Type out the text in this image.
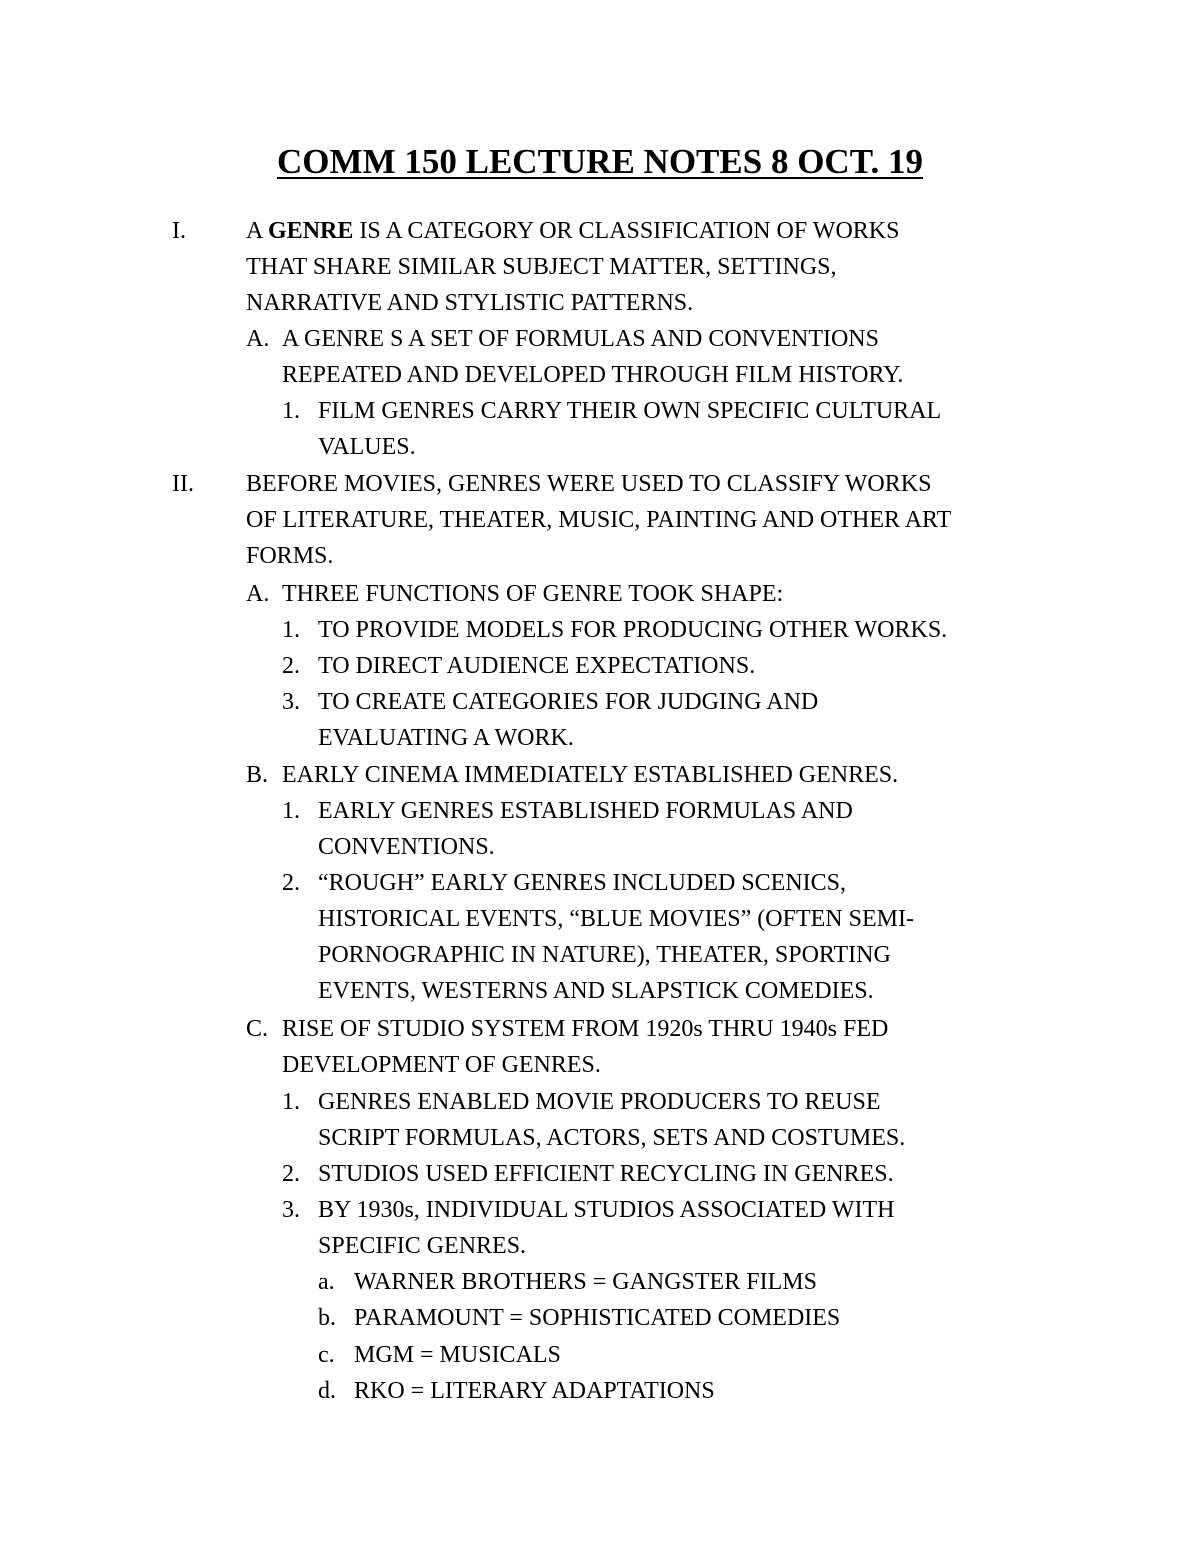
COMM 150 LECTURE NOTES 8 OCT. 19
I.	A GENRE IS A CATEGORY OR CLASSIFICATION OF WORKS
THAT SHARE SIMILAR SUBJECT MATTER, SETTINGS,
NARRATIVE AND STYLISTIC PATTERNS.
A. A GENRE S A SET OF FORMULAS AND CONVENTIONS
REPEATED AND DEVELOPED THROUGH FILM HISTORY.
1. FILM GENRES CARRY THEIR OWN SPECIFIC CULTURAL
VALUES.
II. BEFORE MOVIES, GENRES WERE USED TO CLASSIFY WORKS
OF LITERATURE, THEATER, MUSIC, PAINTING AND OTHER ART
FORMS.
A. THREE FUNCTIONS OF GENRE TOOK SHAPE:
1. TO PROVIDE MODELS FOR PRODUCING OTHER WORKS.
2. TO DIRECT AUDIENCE EXPECTATIONS.
3. TO CREATE CATEGORIES FOR JUDGING AND
EVALUATING A WORK.
B. EARLY CINEMA IMMEDIATELY ESTABLISHED GENRES.
1. EARLY GENRES ESTABLISHED FORMULAS AND
CONVENTIONS.
2. “ROUGH” EARLY GENRES INCLUDED SCENICS,
HISTORICAL EVENTS, “BLUE MOVIES” (OFTEN SEMI-
PORNOGRAPHIC IN NATURE), THEATER, SPORTING
EVENTS, WESTERNS AND SLAPSTICK COMEDIES.
C. RISE OF STUDIO SYSTEM FROM 1920s THRU 1940s FED
DEVELOPMENT OF GENRES.
1. GENRES ENABLED MOVIE PRODUCERS TO REUSE
SCRIPT FORMULAS, ACTORS, SETS AND COSTUMES.
2. STUDIOS USED EFFICIENT RECYCLING IN GENRES.
3. BY 1930s, INDIVIDUAL STUDIOS ASSOCIATED WITH
SPECIFIC GENRES.
a. WARNER BROTHERS = GANGSTER FILMS
b. PARAMOUNT = SOPHISTICATED COMEDIES
c. MGM = MUSICALS
d. RKO = LITERARY ADAPTATIONS
